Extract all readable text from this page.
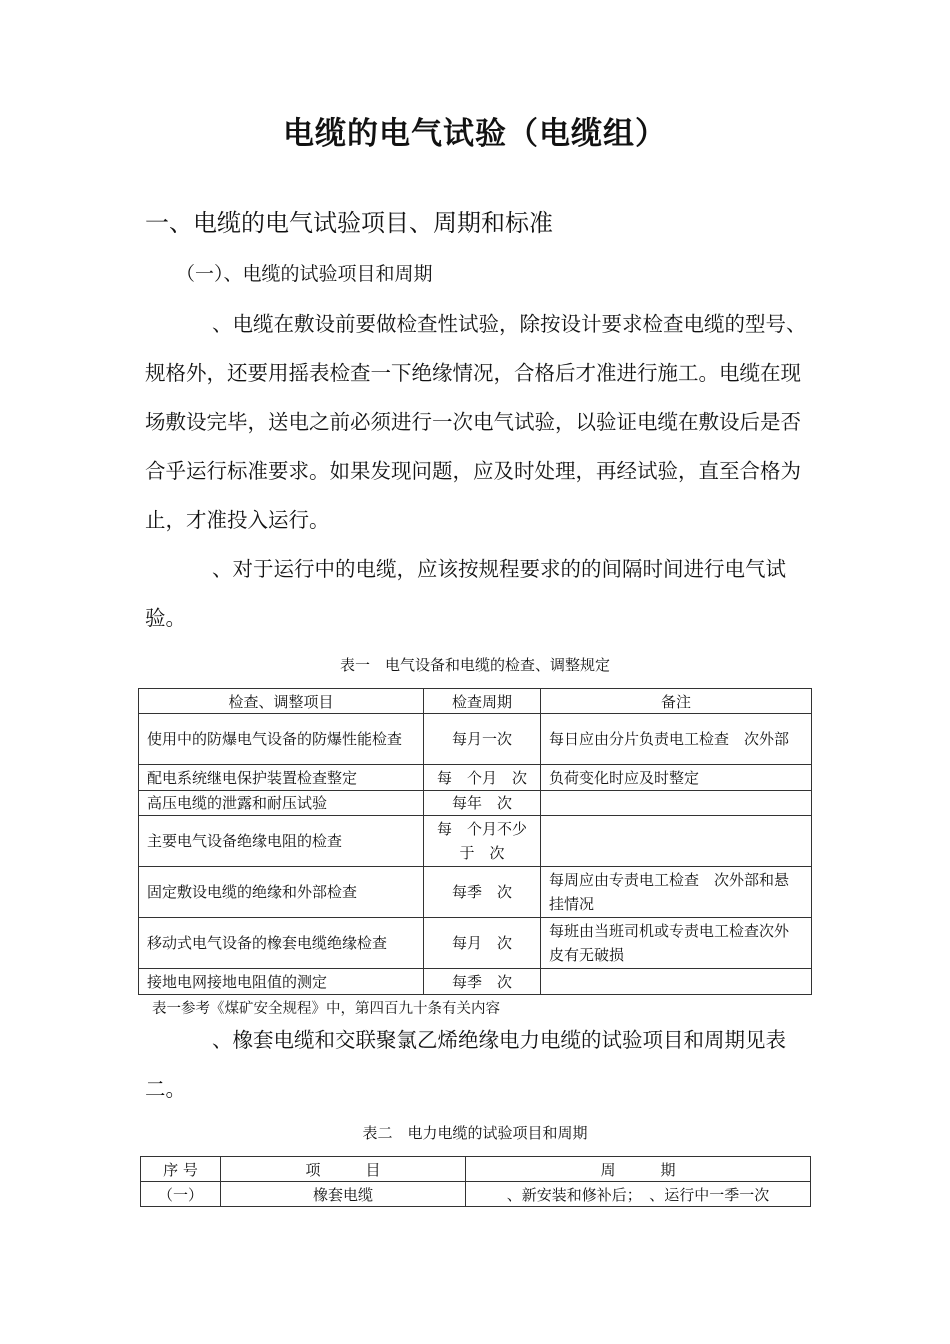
电缆的电气试验（电缆组）
一、电缆的电气试验项目、周期和标准
（一）、电缆的试验项目和周期

、电缆在敷设前要做检查性试验，除按设计要求检查电缆的型号、规格外，还要用摇表检查一下绝缘情况，合格后才准进行施工。电缆在现场敷设完毕，送电之前必须进行一次电气试验，以验证电缆在敷设后是否合乎运行标准要求。如果发现问题，应及时处理，再经试验，直至合格为止，才准投入运行。

、对于运行中的电缆，应该按规程要求的的间隔时间进行电气试验。

表一　电气设备和电缆的检查、调整规定
检查、调整项目	检查周期	备注
使用中的防爆电气设备的防爆性能检查	每月一次	每日应由分片负责电工检查　次外部
配电系统继电保护装置检查整定	每　个月　次	负荷变化时应及时整定
高压电缆的泄露和耐压试验	每年　次	
主要电气设备绝缘电阻的检查	每　个月不少于　次	
固定敷设电缆的绝缘和外部检查	每季　次	每周应由专责电工检查　次外部和悬挂情况
移动式电气设备的橡套电缆绝缘检查	每月　次	每班由当班司机或专责电工检查次外皮有无破损
接地电网接地电阻值的测定	每季　次	
表一参考《煤矿安全规程》中，第四百九十条有关内容

、橡套电缆和交联聚氯乙烯绝缘电力电缆的试验项目和周期见表二。

表二　电力电缆的试验项目和周期
序 号	项　　　目	周　　　期
（一）	橡套电缆	、新安装和修补后；　、运行中一季一次
